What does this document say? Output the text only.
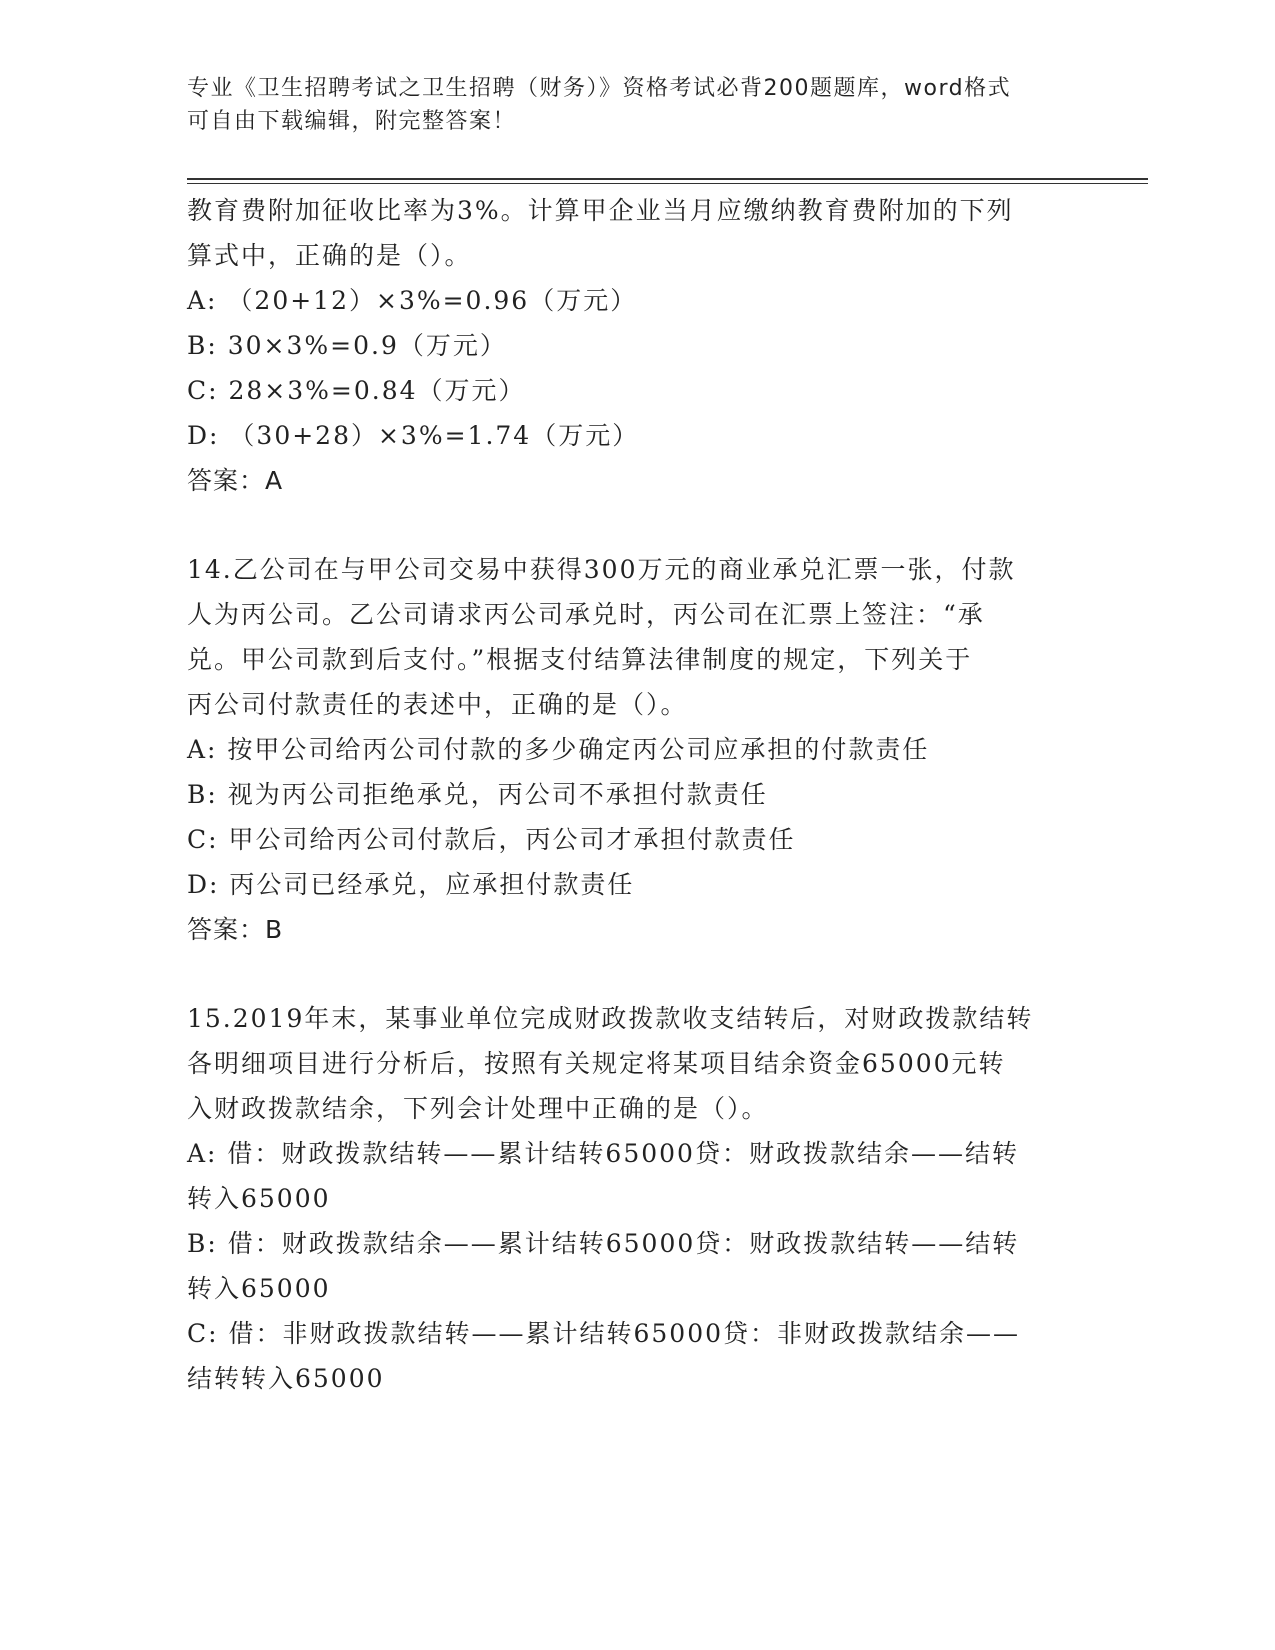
专业《卫生招聘考试之卫生招聘（财务）》资格考试必背200题题库，word格式
可自由下载编辑，附完整答案！
教育费附加征收比率为3%。计算甲企业当月应缴纳教育费附加的下列
算式中，正确的是（）。
A: （20+12）×3%=0.96（万元）
B: 30×3%=0.9（万元）
C: 28×3%=0.84（万元）
D: （30+28）×3%=1.74（万元）
答案：A
14.乙公司在与甲公司交易中获得300万元的商业承兑汇票一张，付款
人为丙公司。乙公司请求丙公司承兑时，丙公司在汇票上签注：“承
兑。甲公司款到后支付。”根据支付结算法律制度的规定，下列关于
丙公司付款责任的表述中，正确的是（）。
A: 按甲公司给丙公司付款的多少确定丙公司应承担的付款责任
B: 视为丙公司拒绝承兑，丙公司不承担付款责任
C: 甲公司给丙公司付款后，丙公司才承担付款责任
D: 丙公司已经承兑，应承担付款责任
答案：B
15.2019年末，某事业单位完成财政拨款收支结转后，对财政拨款结转
各明细项目进行分析后，按照有关规定将某项目结余资金65000元转
入财政拨款结余，下列会计处理中正确的是（）。
A: 借：财政拨款结转——累计结转65000贷：财政拨款结余——结转
转入65000
B: 借：财政拨款结余——累计结转65000贷：财政拨款结转——结转
转入65000
C: 借：非财政拨款结转——累计结转65000贷：非财政拨款结余——
结转转入65000
